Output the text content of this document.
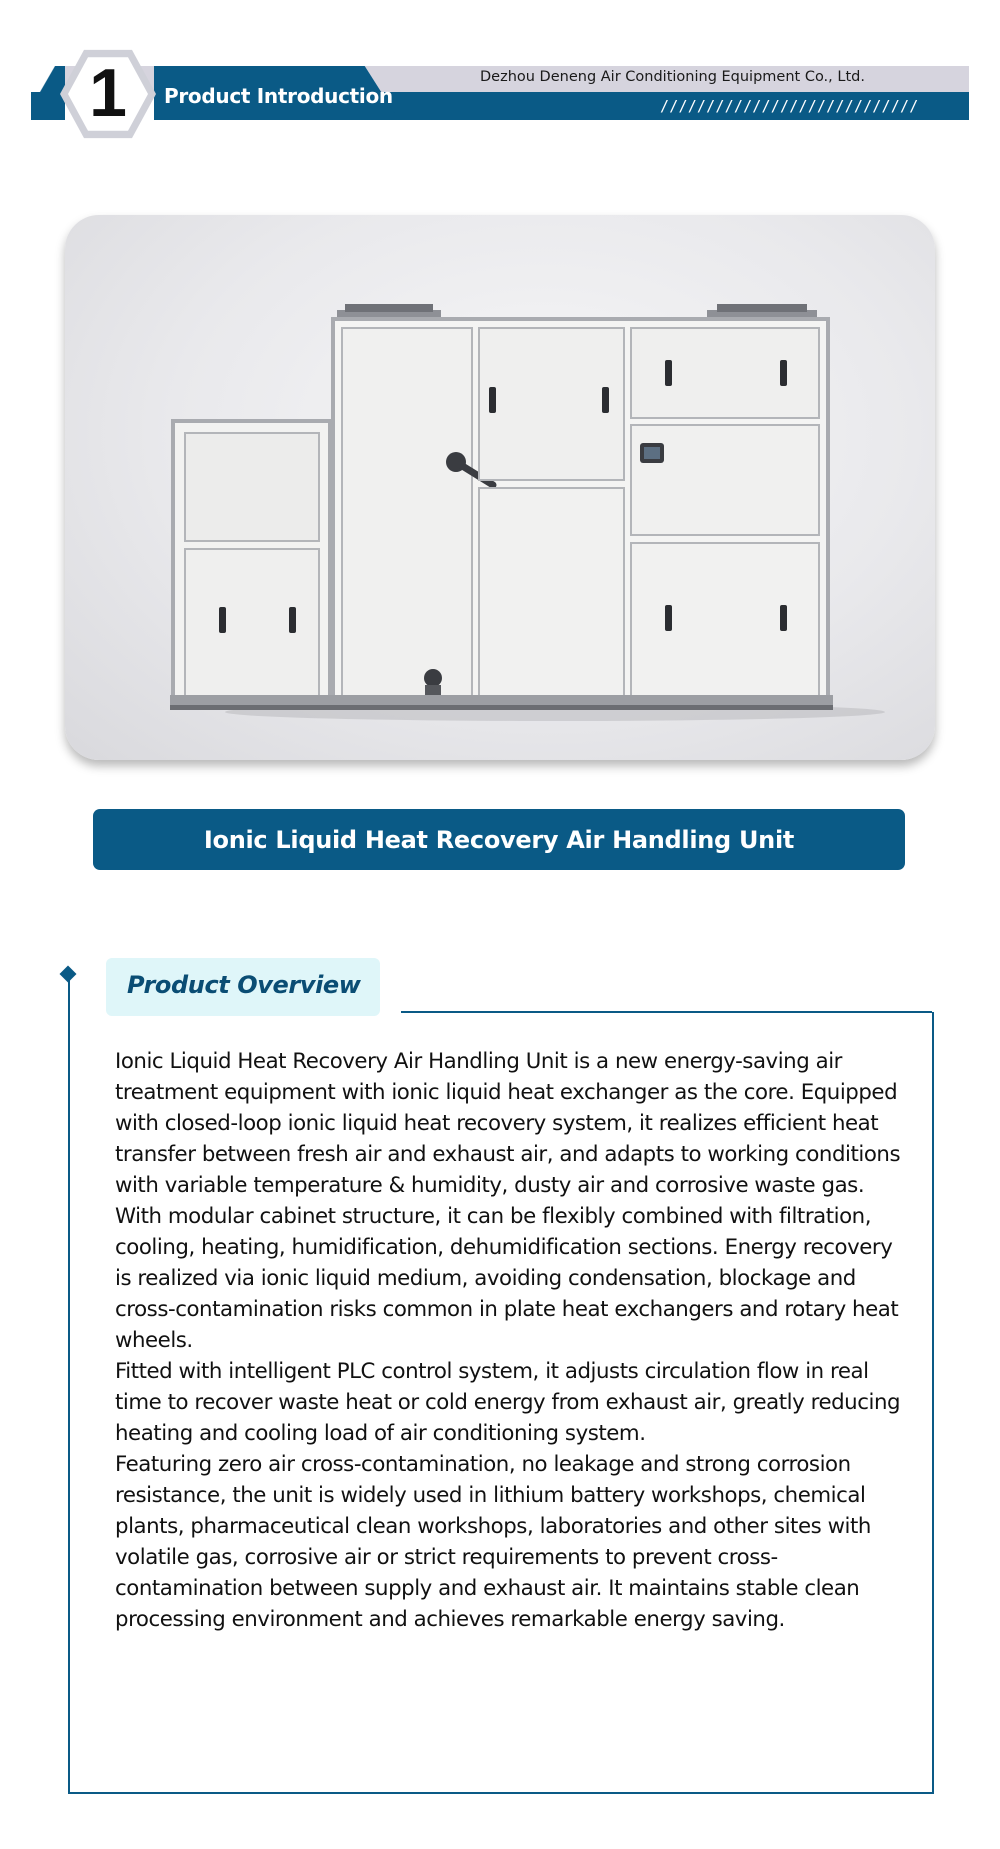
Product Introduction
Dezhou Deneng Air Conditioning Equipment Co., Ltd.
////////////////////////////
1
Ionic Liquid Heat Recovery Air Handling Unit
Product Overview

Ionic Liquid Heat Recovery Air Handling Unit is a new energy-saving air treatment equipment with ionic liquid heat exchanger as the core. Equipped with closed-loop ionic liquid heat recovery system, it realizes efficient heat transfer between fresh air and exhaust air, and adapts to working conditions with variable temperature & humidity, dusty air and corrosive waste gas.

With modular cabinet structure, it can be flexibly combined with filtration, cooling, heating, humidification, dehumidification sections. Energy recovery is realized via ionic liquid medium, avoiding condensation, blockage and cross-contamination risks common in plate heat exchangers and rotary heat wheels.

Fitted with intelligent PLC control system, it adjusts circulation flow in real time to recover waste heat or cold energy from exhaust air, greatly reducing heating and cooling load of air conditioning system.

Featuring zero air cross-contamination, no leakage and strong corrosion resistance, the unit is widely used in lithium battery workshops, chemical plants, pharmaceutical clean workshops, laboratories and other sites with volatile gas, corrosive air or strict requirements to prevent cross-contamination between supply and exhaust air. It maintains stable clean processing environment and achieves remarkable energy saving.
